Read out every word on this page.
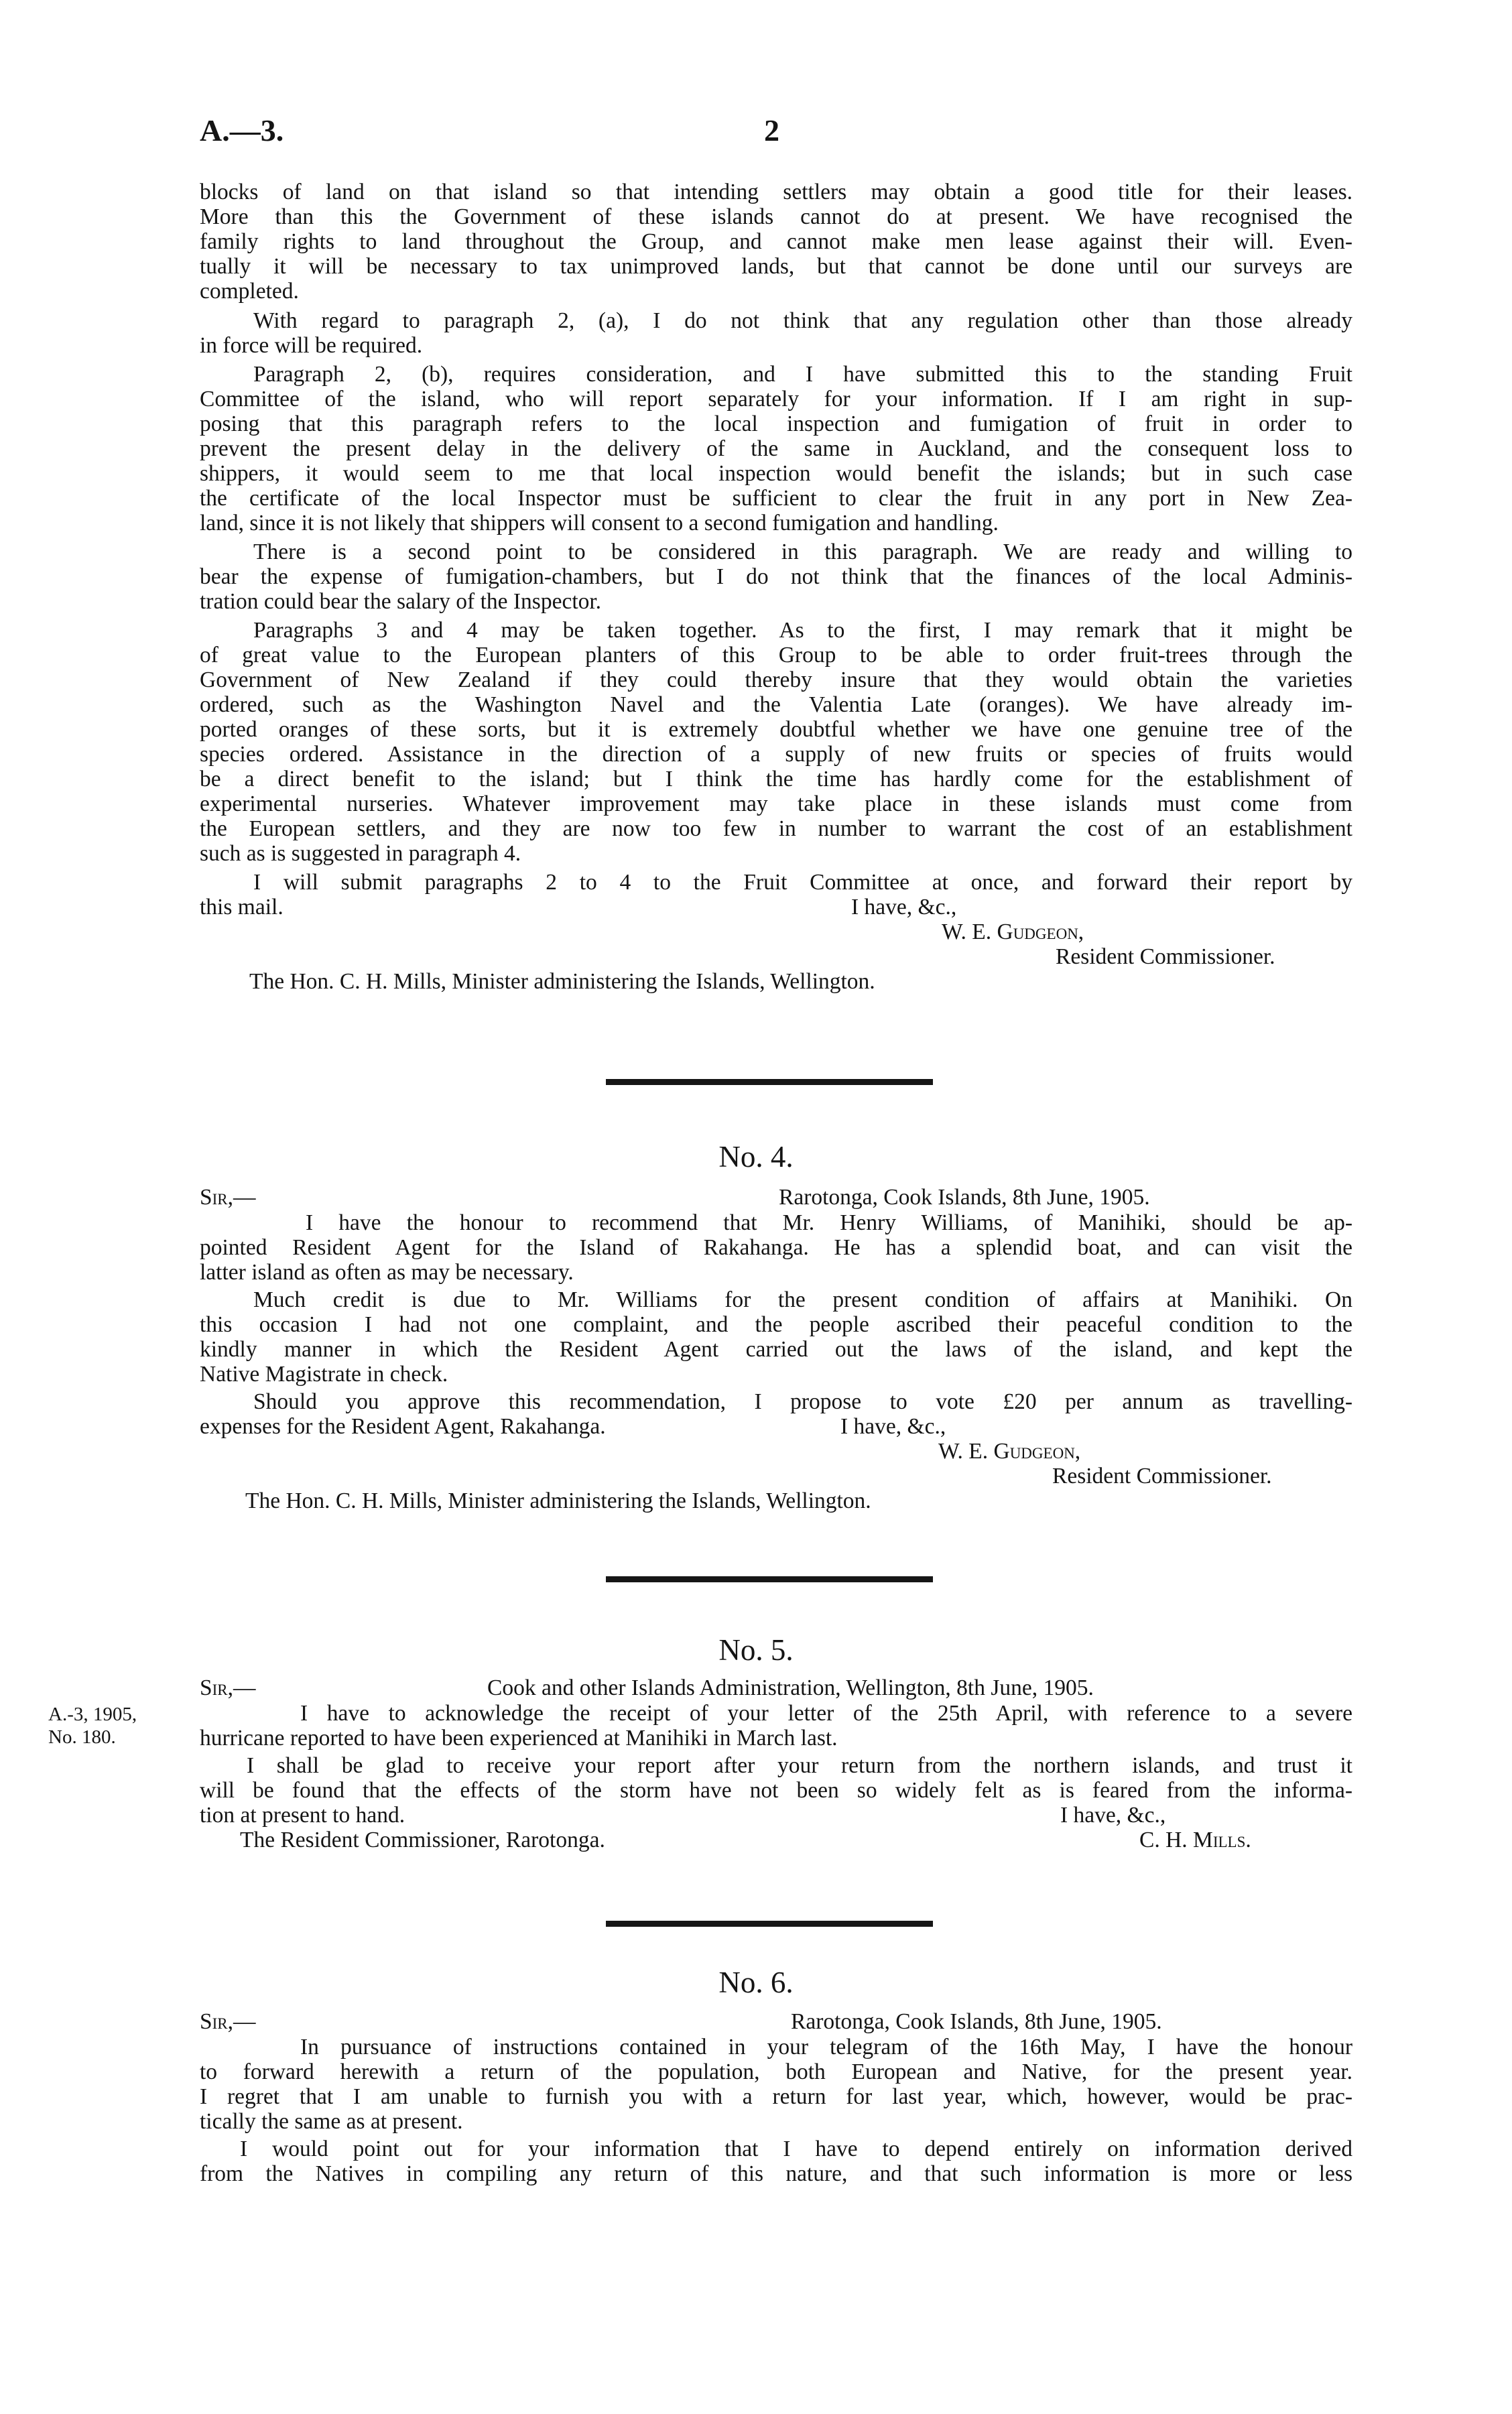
A.—3.	2
blocks of land on that island so that intending settlers may obtain a good title for their leases.
More than this the Government of these islands cannot do at present. We have recognised the
family rights to land throughout the Group, and cannot make men lease against their will. Even-
tually it will be necessary to tax unimproved lands, but that cannot be done until our surveys are
completed.
With regard to paragraph 2, (a), I do not think that any regulation other than those already
in force will be required.
Paragraph 2, (b), requires consideration, and I have submitted this to the standing Fruit
Committee of the island, who will report separately for your information. If I am right in sup-
posing that this paragraph refers to the local inspection and fumigation of fruit in order to
prevent the present delay in the delivery of the same in Auckland, and the consequent loss to
shippers, it would seem to me that local inspection would benefit the islands; but in such case
the certificate of the local Inspector must be sufficient to clear the fruit in any port in New Zea-
land, since it is not likely that shippers will consent to a second fumigation and handling.
There is a second point to be considered in this paragraph. We are ready and willing to
bear the expense of fumigation-chambers, but I do not think that the finances of the local Adminis-
tration could bear the salary of the Inspector.
Paragraphs 3 and 4 may be taken together. As to the first, I may remark that it might be
of great value to the European planters of this Group to be able to order fruit-trees through the
Government of New Zealand if they could thereby insure that they would obtain the varieties
ordered, such as the Washington Navel and the Valentia Late (oranges). We have already im-
ported oranges of these sorts, but it is extremely doubtful whether we have one genuine tree of the
species ordered. Assistance in the direction of a supply of new fruits or species of fruits would
be a direct benefit to the island; but I think the time has hardly come for the establishment of
experimental nurseries. Whatever improvement may take place in these islands must come from
the European settlers, and they are now too few in number to warrant the cost of an establishment
such as is suggested in paragraph 4.
I will submit paragraphs 2 to 4 to the Fruit Committee at once, and forward their report by
this mail.	I have, &c.,
W. E. Gudgeon,
Resident Commissioner.
The Hon. C. H. Mills, Minister administering the Islands, Wellington.
No. 4.
Sir,—	Rarotonga, Cook Islands, 8th June, 1905.
I have the honour to recommend that Mr. Henry Williams, of Manihiki, should be ap-
pointed Resident Agent for the Island of Rakahanga. He has a splendid boat, and can visit the
latter island as often as may be necessary.
Much credit is due to Mr. Williams for the present condition of affairs at Manihiki. On
this occasion I had not one complaint, and the people ascribed their peaceful condition to the
kindly manner in which the Resident Agent carried out the laws of the island, and kept the
Native Magistrate in check.
Should you approve this recommendation, I propose to vote £20 per annum as travelling-
expenses for the Resident Agent, Rakahanga.	I have, &c.,
W. E. Gudgeon,
Resident Commissioner.
The Hon. C. H. Mills, Minister administering the Islands, Wellington.
No. 5.
Sir,—	Cook and other Islands Administration, Wellington, 8th June, 1905.
A.-3, 1905,
No. 180.
I have to acknowledge the receipt of your letter of the 25th April, with reference to a severe
hurricane reported to have been experienced at Manihiki in March last.
I shall be glad to receive your report after your return from the northern islands, and trust it
will be found that the effects of the storm have not been so widely felt as is feared from the informa-
tion at present to hand.	I have, &c.,
The Resident Commissioner, Rarotonga.	C. H. Mills.
No. 6.
Sir,—	Rarotonga, Cook Islands, 8th June, 1905.
In pursuance of instructions contained in your telegram of the 16th May, I have the honour
to forward herewith a return of the population, both European and Native, for the present year.
I regret that I am unable to furnish you with a return for last year, which, however, would be prac-
tically the same as at present.
I would point out for your information that I have to depend entirely on information derived
from the Natives in compiling any return of this nature, and that such information is more or less
